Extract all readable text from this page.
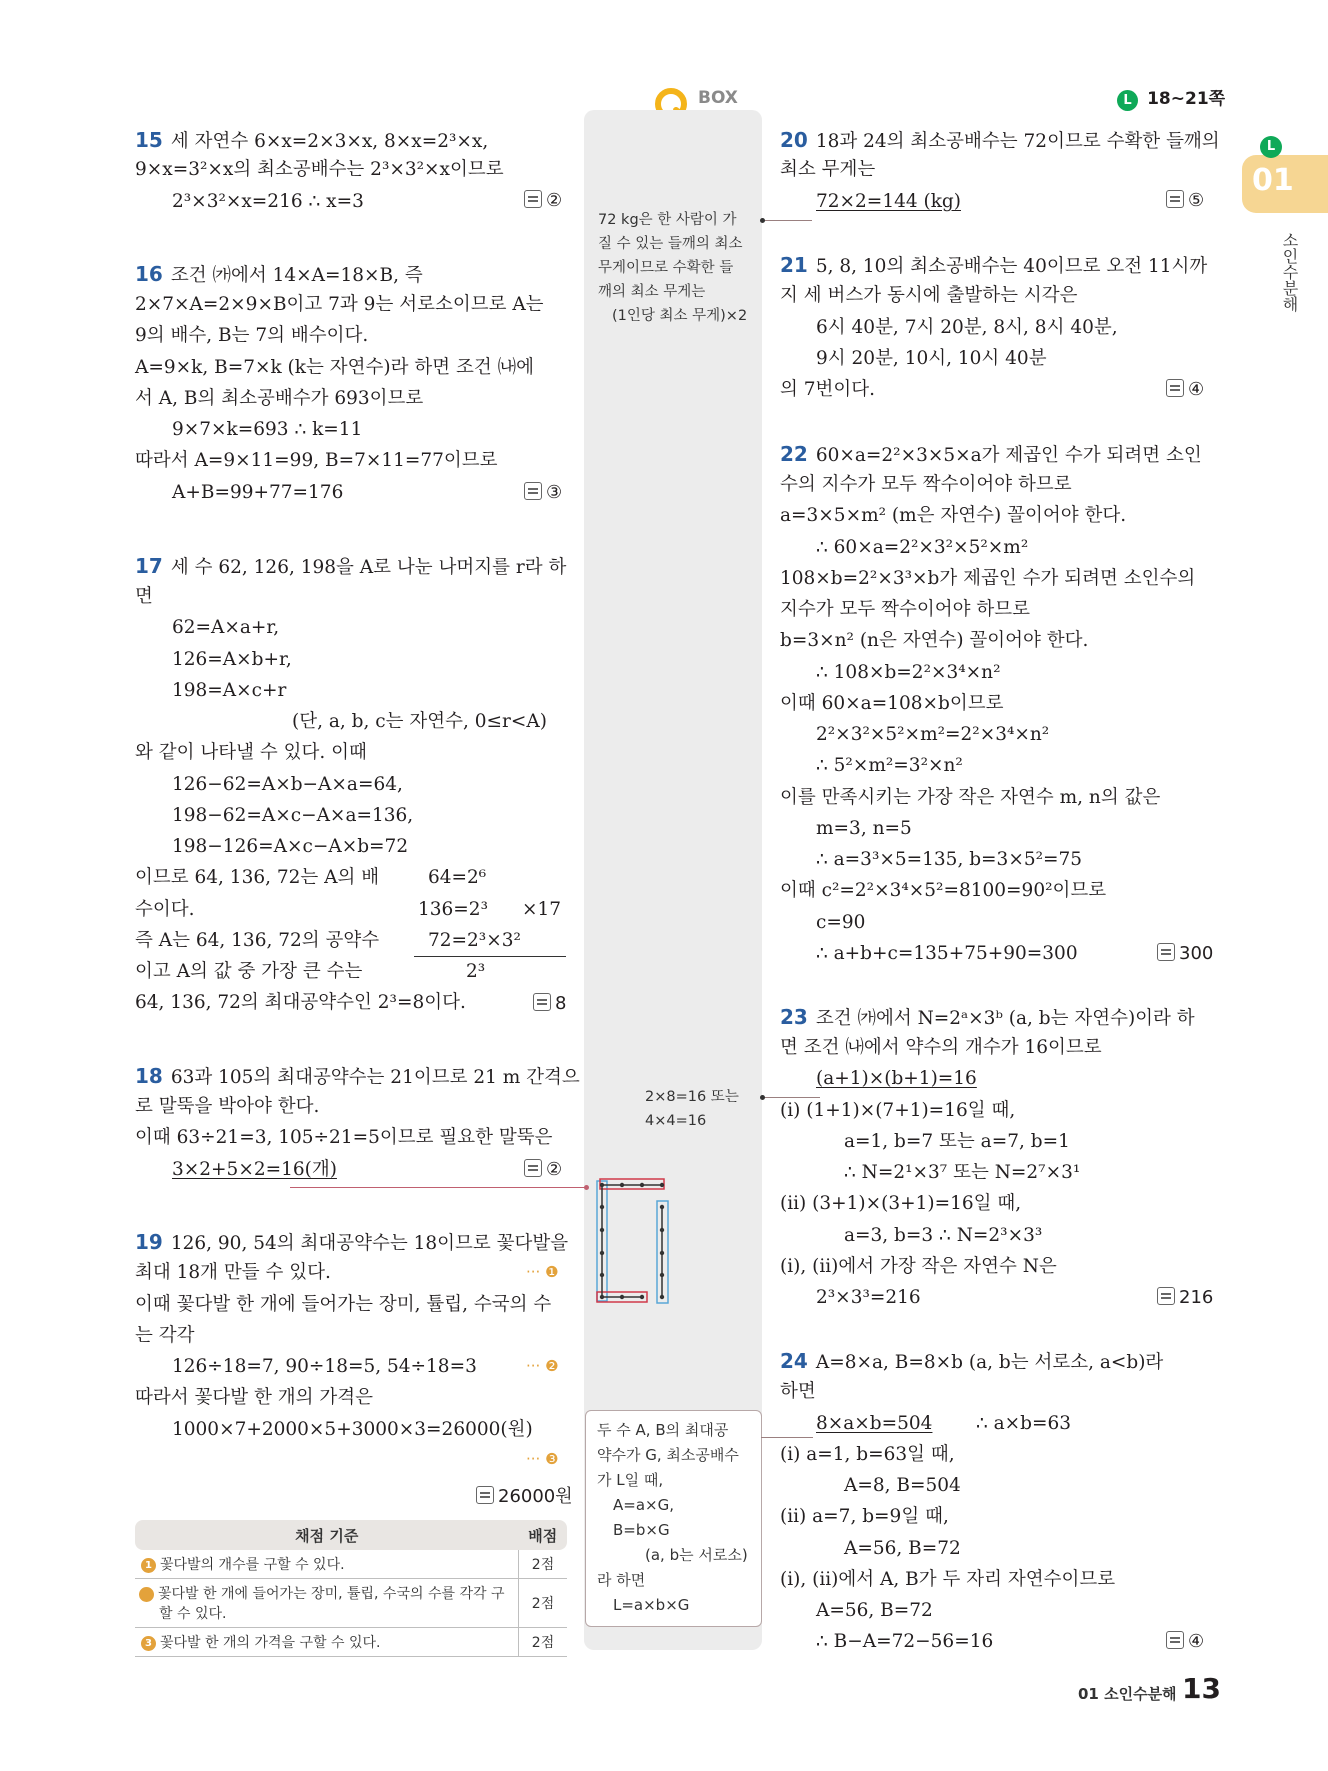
BOX	L 18~21쪽
L
01
소인수분해
72 kg은 한 사람이 가
질 수 있는 들깨의 최소
무게이므로 수확한 들
깨의 최소 무게는
(1인당 최소 무게)×2
2×8=16 또는
4×4=16
두 수 A, B의 최대공
약수가 G, 최소공배수
가 L일 때,
A=a×G,
B=b×G
(a, b는 서로소)
라 하면
L=a×b×G
15 세 자연수 6×x=2×3×x, 8×x=2³×x,
9×x=3²×x의 최소공배수는 2³×3²×x이므로
2³×3²×x=216 ∴ x=3	②
16 조건 ㈎에서 14×A=18×B, 즉
2×7×A=2×9×B이고 7과 9는 서로소이므로 A는
9의 배수, B는 7의 배수이다.
A=9×k, B=7×k (k는 자연수)라 하면 조건 ㈏에
서 A, B의 최소공배수가 693이므로
9×7×k=693 ∴ k=11
따라서 A=9×11=99, B=7×11=77이므로
A+B=99+77=176	③
17 세 수 62, 126, 198을 A로 나눈 나머지를 r라 하
면
62=A×a+r,
126=A×b+r,
198=A×c+r
(단, a, b, c는 자연수, 0≤r<A)
와 같이 나타낼 수 있다. 이때
126−62=A×b−A×a=64,
198−62=A×c−A×a=136,
198−126=A×c−A×b=72
이므로 64, 136, 72는 A의 배
수이다.
즉 A는 64, 136, 72의 공약수
이고 A의 값 중 가장 큰 수는
64, 136, 72의 최대공약수인 2³=8이다.
64=2⁶
136=2³ ×17
72=2³×3²
2³
8
18 63과 105의 최대공약수는 21이므로 21 m 간격으
로 말뚝을 박아야 한다.
이때 63÷21=3, 105÷21=5이므로 필요한 말뚝은
3×2+5×2=16(개)	②
19 126, 90, 54의 최대공약수는 18이므로 꽃다발을
최대 18개 만들 수 있다.	··· ❶
이때 꽃다발 한 개에 들어가는 장미, 튤립, 수국의 수
는 각각
126÷18=7, 90÷18=5, 54÷18=3	··· ❷
따라서 꽃다발 한 개의 가격은
1000×7+2000×5+3000×3=26000(원)
··· ❸
26000원
채점 기준	배점
1 꽃다발의 개수를 구할 수 있다.	2점
2 꽃다발 한 개에 들어가는 장미, 튤립, 수국의 수를 각각 구할 수 있다.	2점
3 꽃다발 한 개의 가격을 구할 수 있다.	2점
20 18과 24의 최소공배수는 72이므로 수확한 들깨의
최소 무게는
72×2=144 (kg)	⑤
21 5, 8, 10의 최소공배수는 40이므로 오전 11시까
지 세 버스가 동시에 출발하는 시각은
6시 40분, 7시 20분, 8시, 8시 40분,
9시 20분, 10시, 10시 40분
의 7번이다.	④
22 60×a=2²×3×5×a가 제곱인 수가 되려면 소인
수의 지수가 모두 짝수이어야 하므로
a=3×5×m² (m은 자연수) 꼴이어야 한다.
∴ 60×a=2²×3²×5²×m²
108×b=2²×3³×b가 제곱인 수가 되려면 소인수의
지수가 모두 짝수이어야 하므로
b=3×n² (n은 자연수) 꼴이어야 한다.
∴ 108×b=2²×3⁴×n²
이때 60×a=108×b이므로
2²×3²×5²×m²=2²×3⁴×n²
∴ 5²×m²=3²×n²
이를 만족시키는 가장 작은 자연수 m, n의 값은
m=3, n=5
∴ a=3³×5=135, b=3×5²=75
이때 c²=2²×3⁴×5²=8100=90²이므로
c=90
∴ a+b+c=135+75+90=300	300
23 조건 ㈎에서 N=2ᵃ×3ᵇ (a, b는 자연수)이라 하
면 조건 ㈏에서 약수의 개수가 16이므로
(a+1)×(b+1)=16
(i) (1+1)×(7+1)=16일 때,
a=1, b=7 또는 a=7, b=1
∴ N=2¹×3⁷ 또는 N=2⁷×3¹
(ii) (3+1)×(3+1)=16일 때,
a=3, b=3 ∴ N=2³×3³
(i), (ii)에서 가장 작은 자연수 N은
2³×3³=216	216
24 A=8×a, B=8×b (a, b는 서로소, a<b)라
하면
8×a×b=504 ∴ a×b=63
(i) a=1, b=63일 때,
A=8, B=504
(ii) a=7, b=9일 때,
A=56, B=72
(i), (ii)에서 A, B가 두 자리 자연수이므로
A=56, B=72
∴ B−A=72−56=16	④
01 소인수분해 13
